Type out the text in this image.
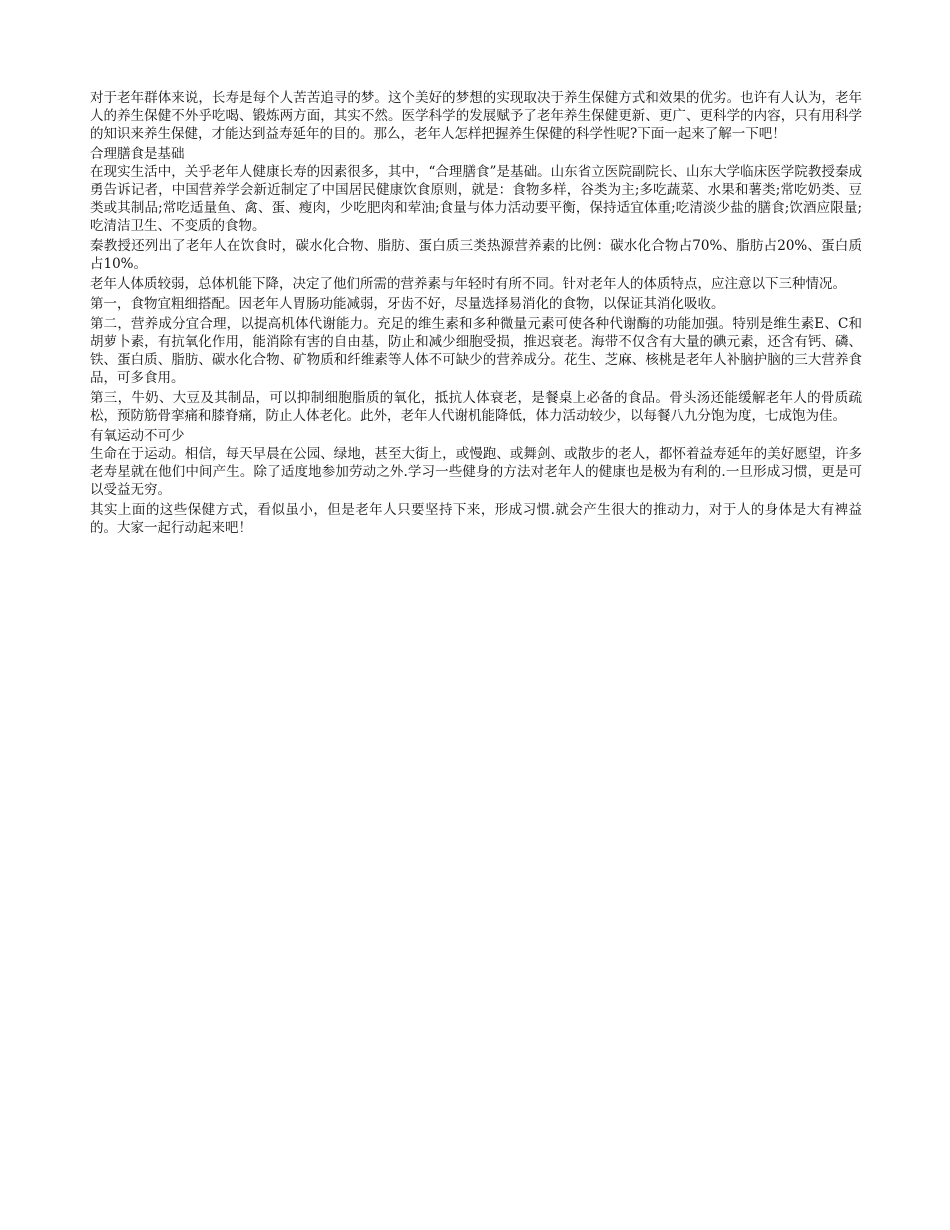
对于老年群体来说，长寿是每个人苦苦追寻的梦。这个美好的梦想的实现取决于养生保健方式和效果的优劣。也许有人认为，老年人的养生保健不外乎吃喝、锻炼两方面，其实不然。医学科学的发展赋予了老年养生保健更新、更广、更科学的内容，只有用科学的知识来养生保健，才能达到益寿延年的目的。那么，老年人怎样把握养生保健的科学性呢?下面一起来了解一下吧！

合理膳食是基础

在现实生活中，关乎老年人健康长寿的因素很多，其中，“合理膳食”是基础。山东省立医院副院长、山东大学临床医学院教授秦成勇告诉记者，中国营养学会新近制定了中国居民健康饮食原则，就是：食物多样，谷类为主;多吃蔬菜、水果和薯类;常吃奶类、豆类或其制品;常吃适量鱼、禽、蛋、瘦肉，少吃肥肉和荤油;食量与体力活动要平衡，保持适宜体重;吃清淡少盐的膳食;饮酒应限量;吃清洁卫生、不变质的食物。

秦教授还列出了老年人在饮食时，碳水化合物、脂肪、蛋白质三类热源营养素的比例：碳水化合物占70%、脂肪占20%、蛋白质占10%。

老年人体质较弱，总体机能下降，决定了他们所需的营养素与年轻时有所不同。针对老年人的体质特点，应注意以下三种情况。

第一，食物宜粗细搭配。因老年人胃肠功能减弱，牙齿不好，尽量选择易消化的食物，以保证其消化吸收。

第二，营养成分宜合理，以提高机体代谢能力。充足的维生素和多种微量元素可使各种代谢酶的功能加强。特别是维生素E、C和胡萝卜素，有抗氧化作用，能消除有害的自由基，防止和减少细胞受损，推迟衰老。海带不仅含有大量的碘元素，还含有钙、磷、铁、蛋白质、脂肪、碳水化合物、矿物质和纤维素等人体不可缺少的营养成分。花生、芝麻、核桃是老年人补脑护脑的三大营养食品，可多食用。

第三，牛奶、大豆及其制品，可以抑制细胞脂质的氧化，抵抗人体衰老，是餐桌上必备的食品。骨头汤还能缓解老年人的骨质疏松，预防筋骨挛痛和膝脊痛，防止人体老化。此外，老年人代谢机能降低，体力活动较少，以每餐八九分饱为度，七成饱为佳。

有氧运动不可少

生命在于运动。相信，每天早晨在公园、绿地，甚至大街上，或慢跑、或舞剑、或散步的老人，都怀着益寿延年的美好愿望，许多老寿星就在他们中间产生。除了适度地参加劳动之外.学习一些健身的方法对老年人的健康也是极为有利的.一旦形成习惯，更是可以受益无穷。

其实上面的这些保健方式，看似虽小，但是老年人只要坚持下来，形成习惯.就会产生很大的推动力，对于人的身体是大有裨益的。大家一起行动起来吧！
